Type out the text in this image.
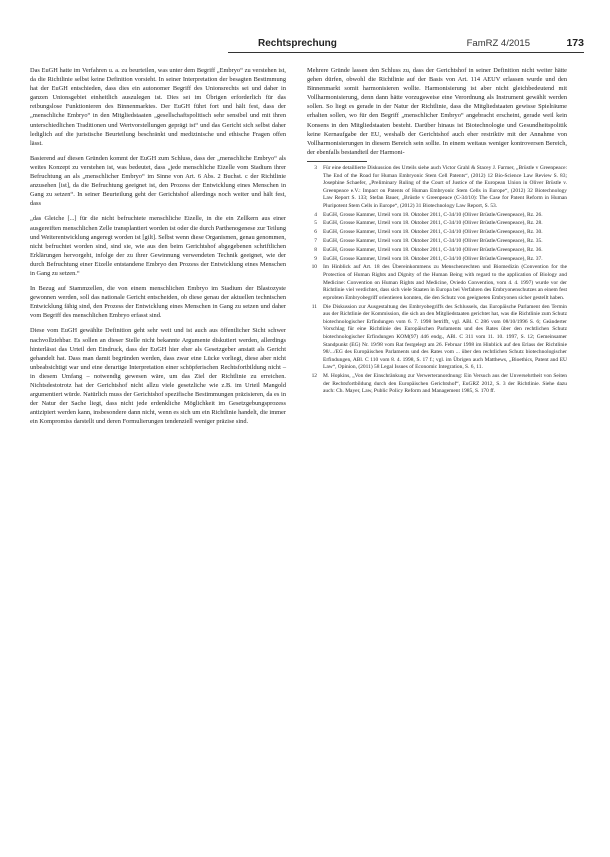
Rechtsprechung	FamRZ 4/2015	173

Das EuGH hatte im Verfahren u. a. zu beurteilen, was unter dem Begriff „Embryo“ zu verstehen ist, da die Richtlinie selbst keine Definition vorsieht. In seiner Interpretation der besagten Bestimmung hat der EuGH entschieden, dass dies ein autonomer Begriff des Unionsrechts sei und daher in ganzen Unionsgebiet einheitlich auszulegen ist. Dies sei im Übrigen erforderlich für das reibungslose Funktionieren des Binnenmarktes. Der EuGH führt fort und hält fest, dass der „menschliche Embryo“ in den Mitgliedstaaten „gesellschaftspolitisch sehr sensibel und mit ihren unterschiedlichen Traditionen und Wertvorstellungen geprägt ist“ und das Gericht sich selbst daher lediglich auf die juristische Beurteilung beschränkt und medizinische und ethische Fragen offen lässt.

Basierend auf diesen Gründen kommt der EuGH zum Schluss, dass der „menschliche Embryo“ als weites Konzept zu verstehen ist, was bedeutet, dass „jede menschliche Eizelle vom Stadium ihrer Befruchtung an als „menschlicher Embryo“ im Sinne von Art. 6 Abs. 2 Buchst. c der Richtlinie anzusehen [ist], da die Befruchtung geeignet ist, den Prozess der Entwicklung eines Menschen in Gang zu setzen“. In seiner Beurteilung geht der Gerichtshof allerdings noch weiter und hält fest, dass

„das Gleiche [...] für die nicht befruchtete menschliche Eizelle, in die ein Zellkern aus einer ausgereiften menschlichen Zelle transplantiert worden ist oder die durch Parthenogenese zur Teilung und Weiterentwicklung angeregt worden ist [gilt]. Selbst wenn diese Organismen, genau genommen, nicht befruchtet worden sind, sind sie, wie aus den beim Gerichtshof abgegebenen schriftlichen Erklärungen hervorgeht, infolge der zu ihrer Gewinnung verwendeten Technik geeignet, wie der durch Befruchtung einer Eizelle entstandene Embryo den Prozess der Entwicklung eines Menschen in Gang zu setzen.“

In Bezug auf Stammzellen, die von einem menschlichen Embryo im Stadium der Blastozyste gewonnen werden, soll das nationale Gericht entscheiden, ob diese genau der aktuellen technischen Entwicklung fähig sind, den Prozess der Entwicklung eines Menschen in Gang zu setzen und daher vom Begriff des menschlichen Embryo erfasst sind.

Diese vom EuGH gewählte Definition geht sehr weit und ist auch aus öffentlicher Sicht schwer nachvollziehbar. Es sollen an dieser Stelle nicht bekannte Argumente diskutiert werden, allerdings hinterlässt das Urteil den Eindruck, dass der EuGH hier eher als Gesetzgeber anstatt als Gericht gehandelt hat. Dass man damit begründen werden, dass zwar eine Lücke vorliegt, diese aber nicht unbeabsichtigt war und eine derartige Interpretation einer schöpferischen Rechtsfortbildung nicht – in diesem Umfang – notwendig gewesen wäre, um das Ziel der Richtlinie zu erreichen. Nichtsdestotrotz hat der Gerichtshof nicht allzu viele gesetzliche wie z.B. im Urteil Mangold argumentiert würde. Natürlich muss der Gerichtshof spezifische Bestimmungen präzisieren, da es in der Natur der Sache liegt, dass nicht jede erdenkliche Möglichkeit im Gesetzgebungsprozess antizipiert werden kann, insbesondere dann nicht, wenn es sich um ein Richtlinie handelt, die immer ein Kompromiss darstellt und deren Formulierungen tendenziell weniger präzise sind.

Mehrere Gründe lassen den Schluss zu, dass der Gerichtshof in seiner Definition nicht weiter hätte gehen dürfen, obwohl die Richtlinie auf der Basis von Art. 114 AEUV erlassen wurde und den Binnenmarkt somit harmonisieren wollte. Harmonisierung ist aber nicht gleichbedeutend mit Vollharmonisierung, denn dann hätte vorzugsweise eine Verordnung als Instrument gewählt werden sollen. So liegt es gerade in der Natur der Richtlinie, dass die Mitgliedstaaten gewisse Spielräume erhalten sollen, wo für den Begriff „menschlicher Embryo“ angebracht erscheint, gerade weil kein Konsens in den Mitgliedstaaten besteht. Darüber hinaus ist Biotechnologie und Gesundheitspolitik keine Kernaufgabe der EU, weshalb der Gerichtshof auch eher restriktiv mit der Annahme von Vollharmonisierungen in diesem Bereich sein sollte. In einem weitaus weniger kontroversen Bereich, der ebenfalls bestandteil der Harmoni-

3 Für eine detaillierte Diskussion des Urteils siehe auch Victor Grahl & Stacey J. Farmer, „Brüstle v Greenpeace: The End of the Road for Human Embryonic Stem Cell Patents“, (2012) 12 Bio-Science Law Review S. 83; Josephine Schaefer, „Preliminary Ruling of the Court of Justice of the European Union in Oliver Brüstle v. Greenpeace e.V.: Impact on Patents of Human Embryonic Stem Cells in Europe“, (2012) 32 Biotechnology Law Report S. 133; Stefan Bauer, „Brüstle v Greenpeace (C-34/10): The Case for Patent Reform in Human Pluripotent Stem Cells in Europe“, (2012) 31 Biotechnology Law Report, S. 53.
4 EuGH, Grosse Kammer, Urteil vom 18. Oktober 2011, C-34/10 (Oliver Brüstle/Greenpeace), Rz. 26.
5 EuGH, Grosse Kammer, Urteil vom 18. Oktober 2011, C-34/10 (Oliver Brüstle/Greenpeace), Rz. 28.
6 EuGH, Grosse Kammer, Urteil vom 18. Oktober 2011, C-34/10 (Oliver Brüstle/Greenpeace), Rz. 30.
7 EuGH, Grosse Kammer, Urteil vom 18. Oktober 2011, C-34/10 (Oliver Brüstle/Greenpeace), Rz. 35.
8 EuGH, Grosse Kammer, Urteil vom 18. Oktober 2011, C-34/10 (Oliver Brüstle/Greenpeace), Rz. 36.
9 EuGH, Grosse Kammer, Urteil vom 18. Oktober 2011, C-34/10 (Oliver Brüstle/Greenpeace), Rz. 37.
10 Im Hinblick auf Art. 18 des Übereinkommens zu Menschenrechten und Biomedizin (Convention for the Protection of Human Rights and Dignity of the Human Being with regard to the application of Biology and Medicine: Convention on Human Rights and Medicine, Oviedo Convention, vom 4. 4. 1997) wurde vor der Richtlinie viel verdichtet, dass sich viele Staaten in Europa bei Verfahren des Embryonenschutzes an einem fest erprobten Embryobegriff orientieren konnten, die den Schutz von geeigneten Embryonen sicher gestellt haben.
11 Die Diskussion zur Ausgestaltung des Embryobegriffs des Schlussels, das Europäische Parlament den Termin aus der Richtlinie der Kommission, die sich an den Mitgliedstaaten gerichtet hat, was die Richtlinie zum Schutz biotechnologischer Erfindungen vom 6. 7. 1998 betrifft, vgl. ABl. C 286 vom 08/10/1996 S. 6; Geänderter Vorschlag für eine Richtlinie des Europäischen Parlaments und des Rates über den rechtlichen Schutz biotechnologischer Erfindungen KOM(97) 446 endg., ABl. C 311 vom 11. 10. 1997, S. 12; Gemeinsamer Standpunkt (EG) Nr. 19/98 vom Rat festgelegt am 26. Februar 1998 im Hinblick auf den Erlass der Richtlinie 98/.../EG des Europäischen Parlaments und des Rates vom ... über den rechtlichen Schutz biotechnologischer Erfindungen, ABl. C 110 vom 8. 4. 1998, S. 17 f.; vgl. im Übrigen auch Matthews, „Bioethics, Patent and EU Law“, Opinion, (2011) 58 Legal Issues of Economic Integration, S. 6, 11.
12 M. Hopkins, „Von der Einschränkung zur Verwerteranordnung: Ein Versuch aus der Unversehrtheit von Seiten der Rechtsfortbildung durch den Europäischen Gerichtshof“, EuGRZ 2012, S. 3 der Richtlinie. Siehe dazu auch: Ch. Mayer, Law, Public Policy Reform and Management 1985, S. 170 ff.
